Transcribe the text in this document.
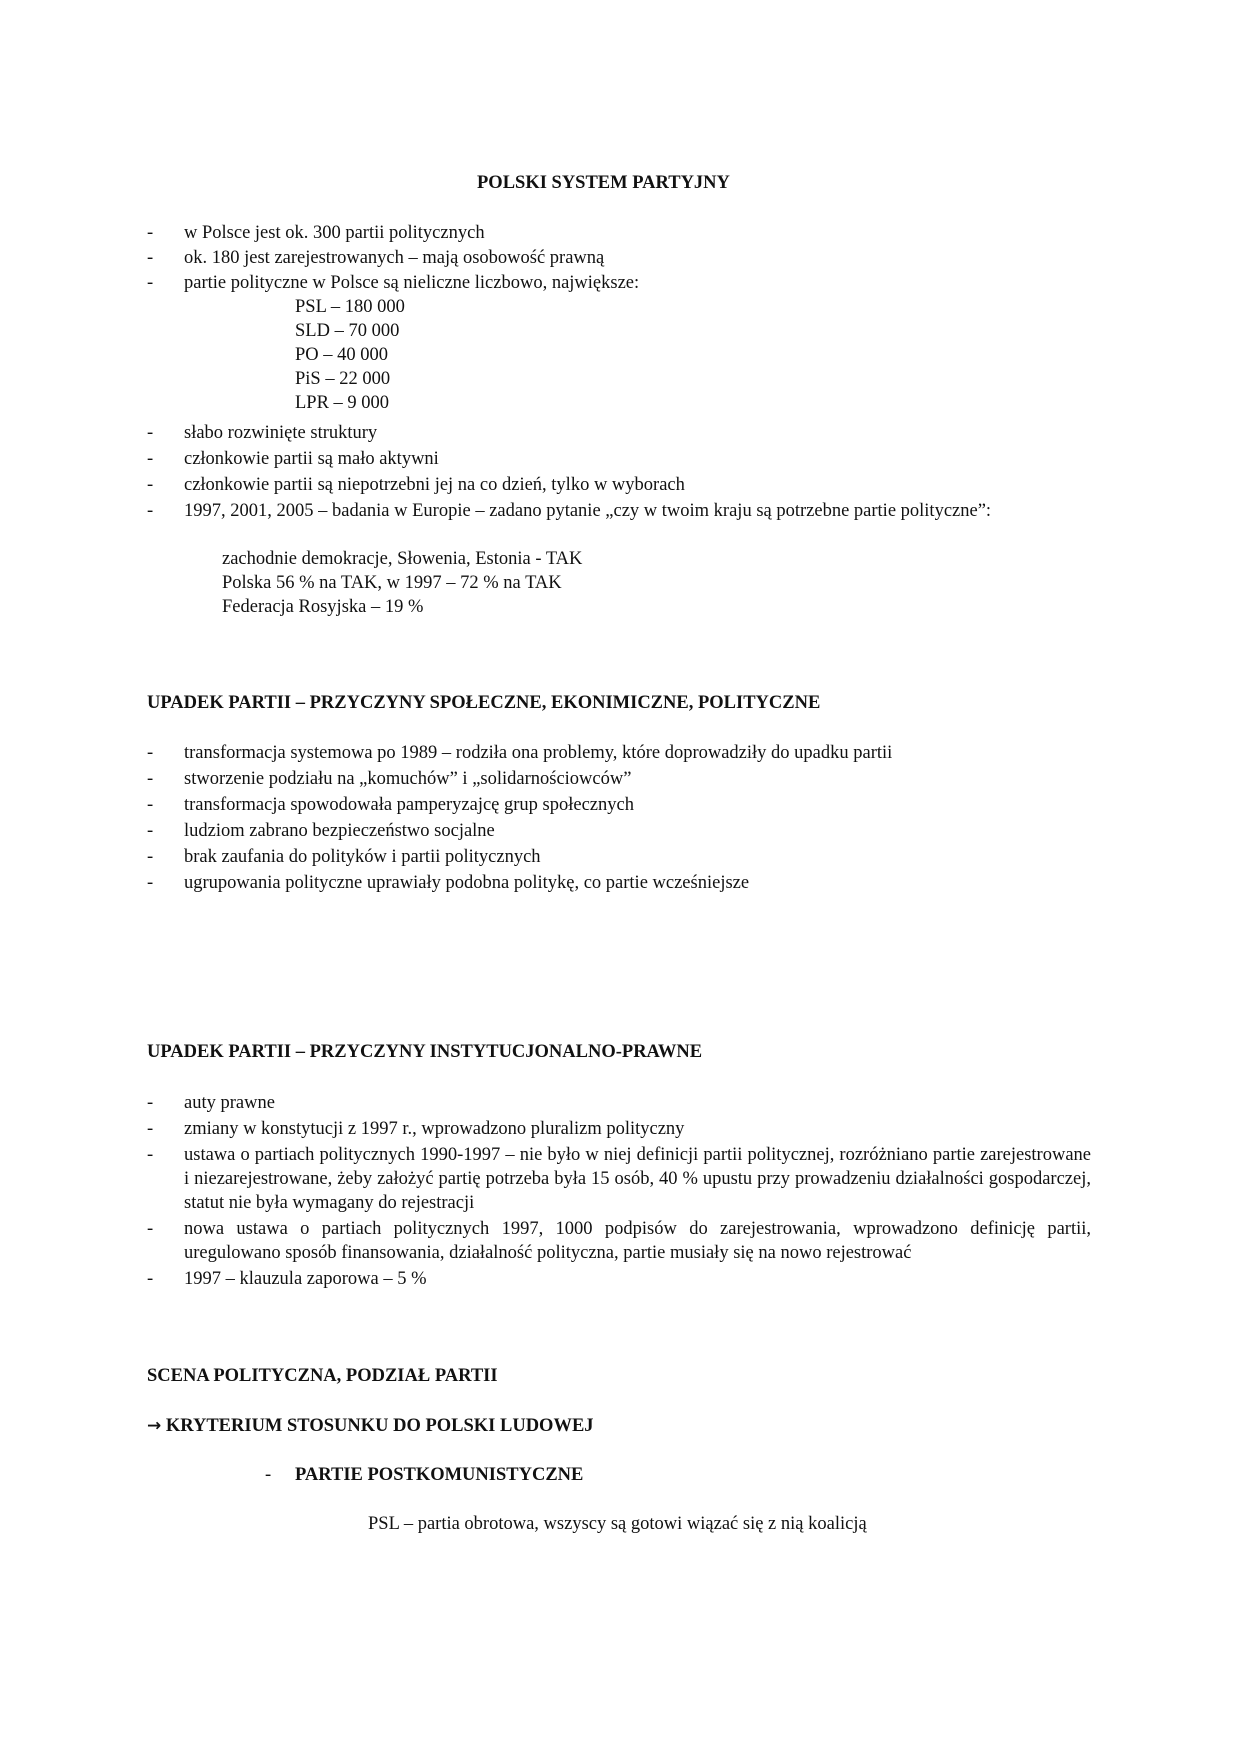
POLSKI SYSTEM PARTYJNY
-	w Polsce jest ok. 300 partii politycznych
-	ok. 180 jest zarejestrowanych – mają osobowość prawną
-	partie polityczne w Polsce są nieliczne liczbowo, największe:
PSL – 180 000
SLD – 70 000
PO – 40 000
PiS – 22 000
LPR – 9 000
-	słabo rozwinięte struktury
-	członkowie partii są mało aktywni
-	członkowie partii są niepotrzebni jej na co dzień, tylko w wyborach
-	1997, 2001, 2005 – badania w Europie – zadano pytanie „czy w twoim kraju są potrzebne partie polityczne”:
zachodnie demokracje, Słowenia, Estonia - TAK
Polska 56 % na TAK, w 1997 – 72 % na TAK
Federacja Rosyjska – 19 %
UPADEK PARTII – PRZYCZYNY SPOŁECZNE, EKONIMICZNE, POLITYCZNE
-	transformacja systemowa po 1989 – rodziła ona problemy, które doprowadziły do upadku partii
-	stworzenie podziału na „komuchów” i „solidarnościowców”
-	transformacja spowodowała pamperyzajcę grup społecznych
-	ludziom zabrano bezpieczeństwo socjalne
-	brak zaufania do polityków i partii politycznych
-	ugrupowania polityczne uprawiały podobna politykę, co partie wcześniejsze
UPADEK PARTII – PRZYCZYNY INSTYTUCJONALNO-PRAWNE
-	auty prawne
-	zmiany w konstytucji z 1997 r., wprowadzono pluralizm polityczny
-	ustawa o partiach politycznych 1990-1997 – nie było w niej definicji partii politycznej, rozróżniano partie zarejestrowane i niezarejestrowane, żeby założyć partię potrzeba była 15 osób, 40 % upustu przy prowadzeniu działalności gospodarczej, statut nie była wymagany do rejestracji
-	nowa ustawa o partiach politycznych 1997, 1000 podpisów do zarejestrowania, wprowadzono definicję partii, uregulowano sposób finansowania, działalność polityczna, partie musiały się na nowo rejestrować
-	1997 – klauzula zaporowa – 5 %
SCENA POLITYCZNA, PODZIAŁ PARTII
→ KRYTERIUM STOSUNKU DO POLSKI LUDOWEJ
-	PARTIE POSTKOMUNISTYCZNE
PSL – partia obrotowa, wszyscy są gotowi wiązać się z nią koalicją
